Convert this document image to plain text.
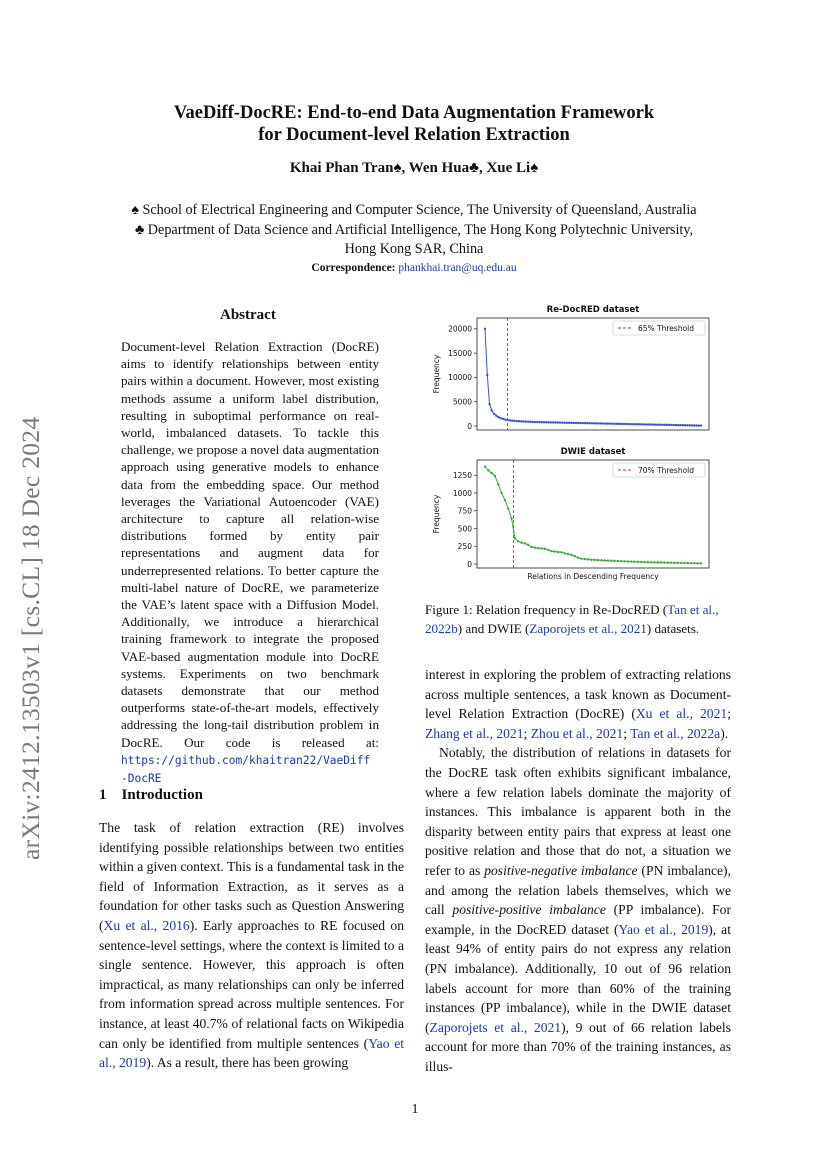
arXiv:2412.13503v1 [cs.CL] 18 Dec 2024
VaeDiff-DocRE: End-to-end Data Augmentation Framework
for Document-level Relation Extraction
Khai Phan Tran♠, Wen Hua♣, Xue Li♠
♠ School of Electrical Engineering and Computer Science, The University of Queensland, Australia
♣ Department of Data Science and Artificial Intelligence, The Hong Kong Polytechnic University,
Hong Kong SAR, China
Correspondence: phankhai.tran@uq.edu.au
Abstract
Document-level Relation Extraction (DocRE) aims to identify relationships between entity pairs within a document. However, most existing methods assume a uniform label distribution, resulting in suboptimal performance on real-world, imbalanced datasets. To tackle this challenge, we propose a novel data augmentation approach using generative models to enhance data from the embedding space. Our method leverages the Variational Autoencoder (VAE) architecture to capture all relation-wise distributions formed by entity pair representations and augment data for underrepresented relations. To better capture the multi-label nature of DocRE, we parameterize the VAE’s latent space with a Diffusion Model. Additionally, we introduce a hierarchical training framework to integrate the proposed VAE-based augmentation module into DocRE systems. Experiments on two benchmark datasets demonstrate that our method outperforms state-of-the-art models, effectively addressing the long-tail distribution problem in DocRE. Our code is released at: https://github.com/khaitran22/VaeDiff
-DocRE
1 Introduction
The task of relation extraction (RE) involves identifying possible relationships between two entities within a given context. This is a fundamental task in the field of Information Extraction, as it serves as a foundation for other tasks such as Question Answering (Xu et al., 2016). Early approaches to RE focused on sentence-level settings, where the context is limited to a single sentence. However, this approach is often impractical, as many relationships can only be inferred from information spread across multiple sentences. For instance, at least 40.7% of relational facts on Wikipedia can only be identified from multiple sentences (Yao et al., 2019). As a result, there has been growing
Re-DocRED dataset
0
5000
10000
15000
20000
Frequency
65% Threshold
DWIE dataset
0
250
500
750
1000
1250
Frequency
Relations in Descending Frequency
70% Threshold
Figure 1: Relation frequency in Re-DocRED (Tan et al., 2022b) and DWIE (Zaporojets et al., 2021) datasets.

interest in exploring the problem of extracting relations across multiple sentences, a task known as Document-level Relation Extraction (DocRE) (Xu et al., 2021; Zhang et al., 2021; Zhou et al., 2021; Tan et al., 2022a).

Notably, the distribution of relations in datasets for the DocRE task often exhibits significant imbalance, where a few relation labels dominate the majority of instances. This imbalance is apparent both in the disparity between entity pairs that express at least one positive relation and those that do not, a situation we refer to as positive-negative imbalance (PN imbalance), and among the relation labels themselves, which we call positive-positive imbalance (PP imbalance). For example, in the DocRED dataset (Yao et al., 2019), at least 94% of entity pairs do not express any relation (PN imbalance). Additionally, 10 out of 96 relation labels account for more than 60% of the training instances (PP imbalance), while in the DWIE dataset (Zaporojets et al., 2021), 9 out of 66 relation labels account for more than 70% of the training instances, as illus-

1
